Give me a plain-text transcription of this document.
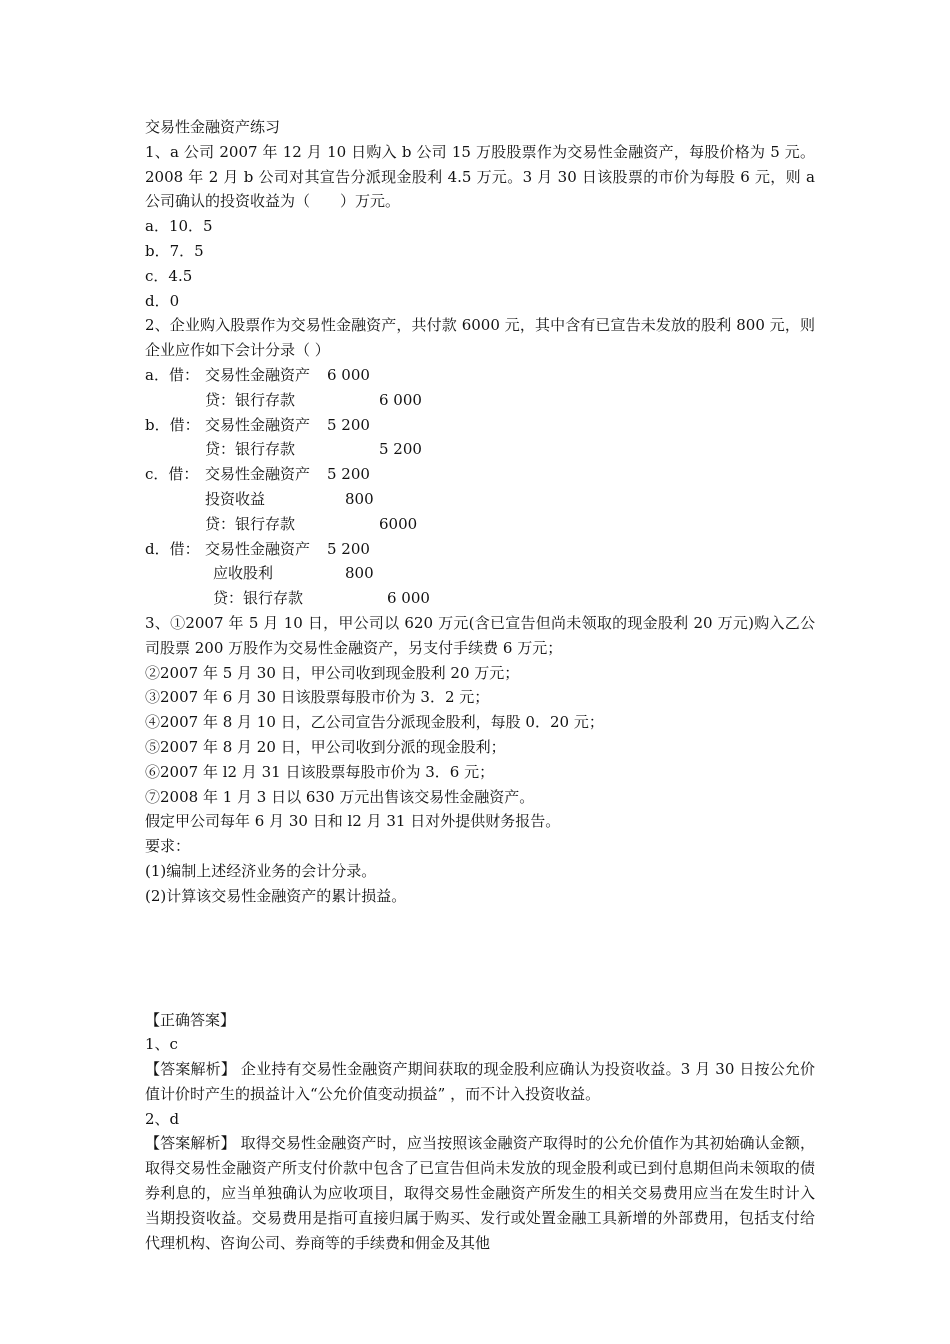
交易性金融资产练习
1、a 公司 2007 年 12 月 10 日购入 b 公司 15 万股股票作为交易性金融资产，每股价格为 5 元。2008 年 2 月 b 公司对其宣告分派现金股利 4.5 万元。3 月 30 日该股票的市价为每股 6 元，则 a 公司确认的投资收益为（　　）万元。
a．10．5
b．7．5
c．4.5
d．0
2、企业购入股票作为交易性金融资产，共付款 6000 元，其中含有已宣告未发放的股利 800 元，则企业应作如下会计分录（ ）
a．借： 交易性金融资产 6 000
贷：银行存款	6 000
b．借： 交易性金融资产 5 200
贷：银行存款	5 200
c．借： 交易性金融资产 5 200
投资收益	800
贷：银行存款	6000
d．借： 交易性金融资产 5 200
应收股利	800
贷：银行存款	6 000
3、①2007 年 5 月 10 日，甲公司以 620 万元(含已宣告但尚未领取的现金股利 20 万元)购入乙公司股票 200 万股作为交易性金融资产，另支付手续费 6 万元；
②2007 年 5 月 30 日，甲公司收到现金股利 20 万元；
③2007 年 6 月 30 日该股票每股市价为 3．2 元；
④2007 年 8 月 10 日，乙公司宣告分派现金股利，每股 0．20 元；
⑤2007 年 8 月 20 日，甲公司收到分派的现金股利；
⑥2007 年 l2 月 31 日该股票每股市价为 3．6 元；
⑦2008 年 1 月 3 日以 630 万元出售该交易性金融资产。
假定甲公司每年 6 月 30 日和 l2 月 31 日对外提供财务报告。
要求：
(1)编制上述经济业务的会计分录。
(2)计算该交易性金融资产的累计损益。
【正确答案】
1、c
【答案解析】 企业持有交易性金融资产期间获取的现金股利应确认为投资收益。3 月 30 日按公允价值计价时产生的损益计入“公允价值变动损益” ，而不计入投资收益。
2、d
【答案解析】 取得交易性金融资产时，应当按照该金融资产取得时的公允价值作为其初始确认金额，取得交易性金融资产所支付价款中包含了已宣告但尚未发放的现金股利或已到付息期但尚未领取的债券利息的，应当单独确认为应收项目，取得交易性金融资产所发生的相关交易费用应当在发生时计入当期投资收益。交易费用是指可直接归属于购买、发行或处置金融工具新增的外部费用，包括支付给代理机构、咨询公司、券商等的手续费和佣金及其他
